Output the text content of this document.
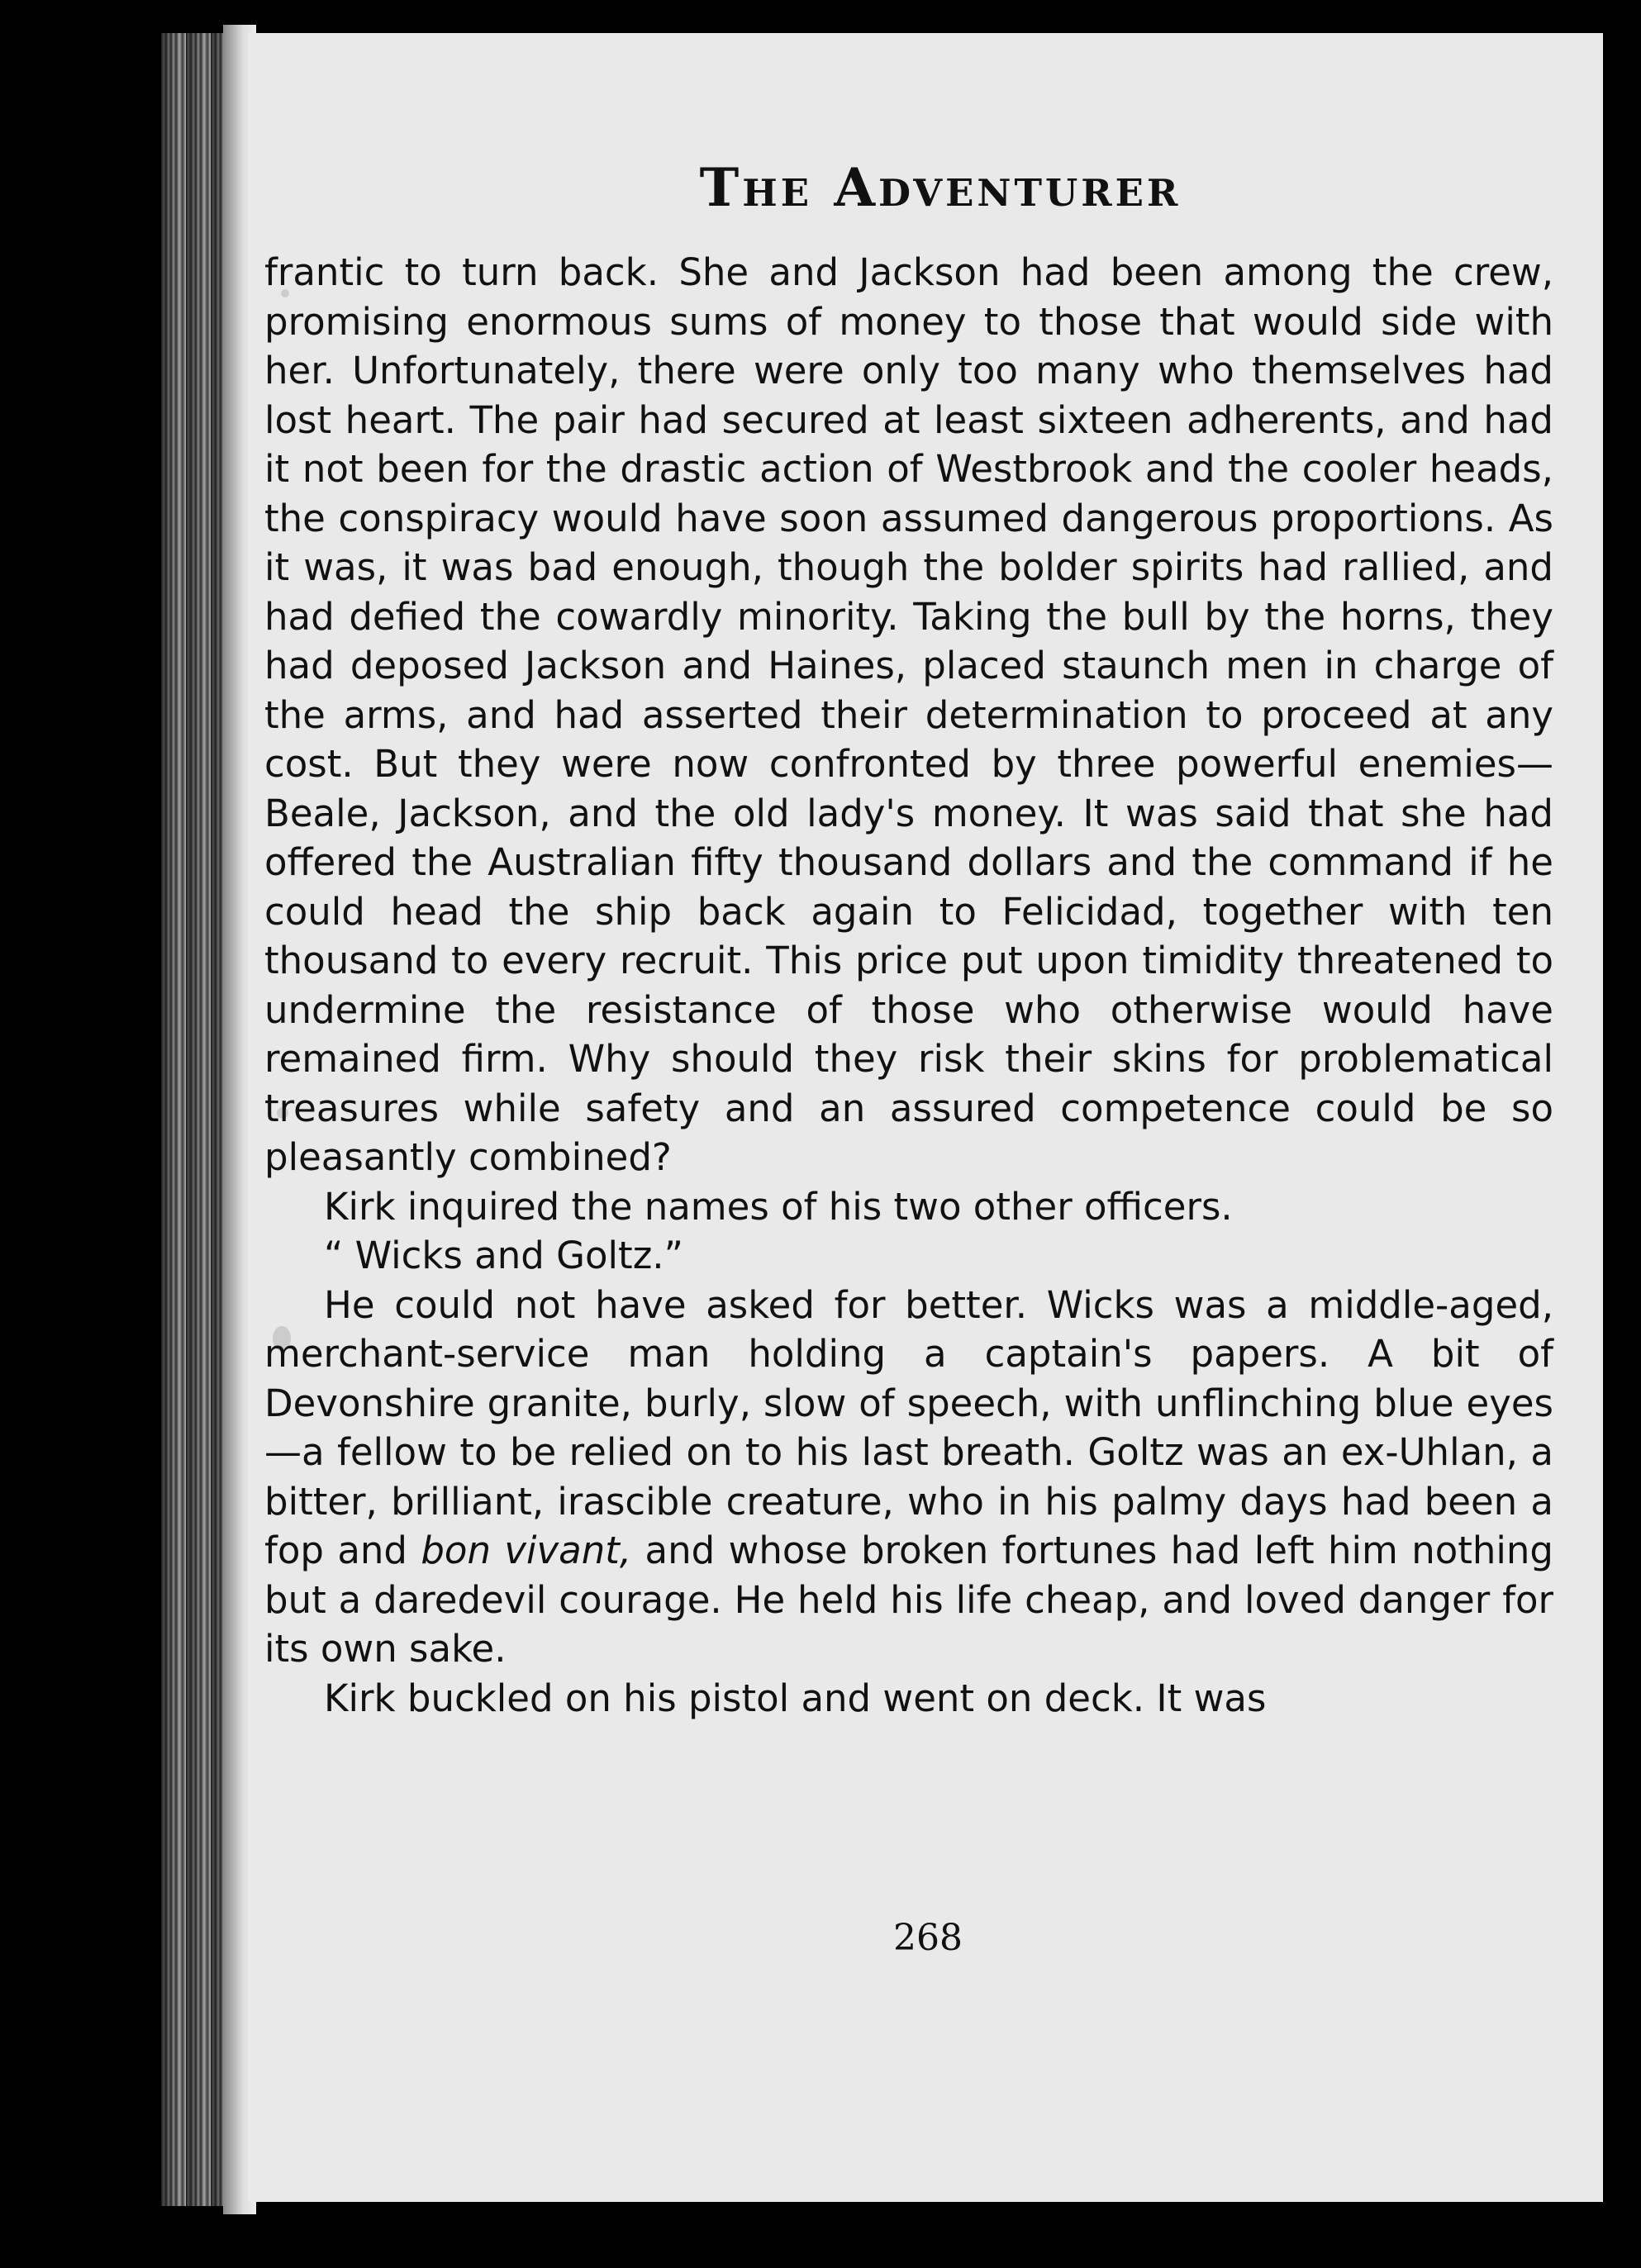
The Adventurer

frantic to turn back. She and Jackson had been among the crew, promising enormous sums of money to those that would side with her. Unfortunately, there were only too many who themselves had lost heart. The pair had secured at least sixteen adherents, and had it not been for the drastic action of Westbrook and the cooler heads, the conspiracy would have soon assumed dangerous proportions. As it was, it was bad enough, though the bolder spirits had rallied, and had defied the cowardly minority. Taking the bull by the horns, they had deposed Jackson and Haines, placed staunch men in charge of the arms, and had asserted their determination to proceed at any cost. But they were now confronted by three powerful enemies—Beale, Jackson, and the old lady's money. It was said that she had offered the Australian fifty thousand dollars and the command if he could head the ship back again to Felicidad, together with ten thousand to every recruit. This price put upon timidity threatened to undermine the resistance of those who otherwise would have remained firm. Why should they risk their skins for problematical treasures while safety and an assured competence could be so pleasantly combined?

Kirk inquired the names of his two other officers.

“ Wicks and Goltz.”

He could not have asked for better. Wicks was a middle-aged, merchant-service man holding a captain's papers. A bit of Devonshire granite, burly, slow of speech, with unflinching blue eyes—a fellow to be relied on to his last breath. Goltz was an ex-Uhlan, a bitter, brilliant, irascible creature, who in his palmy days had been a fop and bon vivant, and whose broken fortunes had left him nothing but a daredevil courage. He held his life cheap, and loved danger for its own sake.

Kirk buckled on his pistol and went on deck. It was

268
